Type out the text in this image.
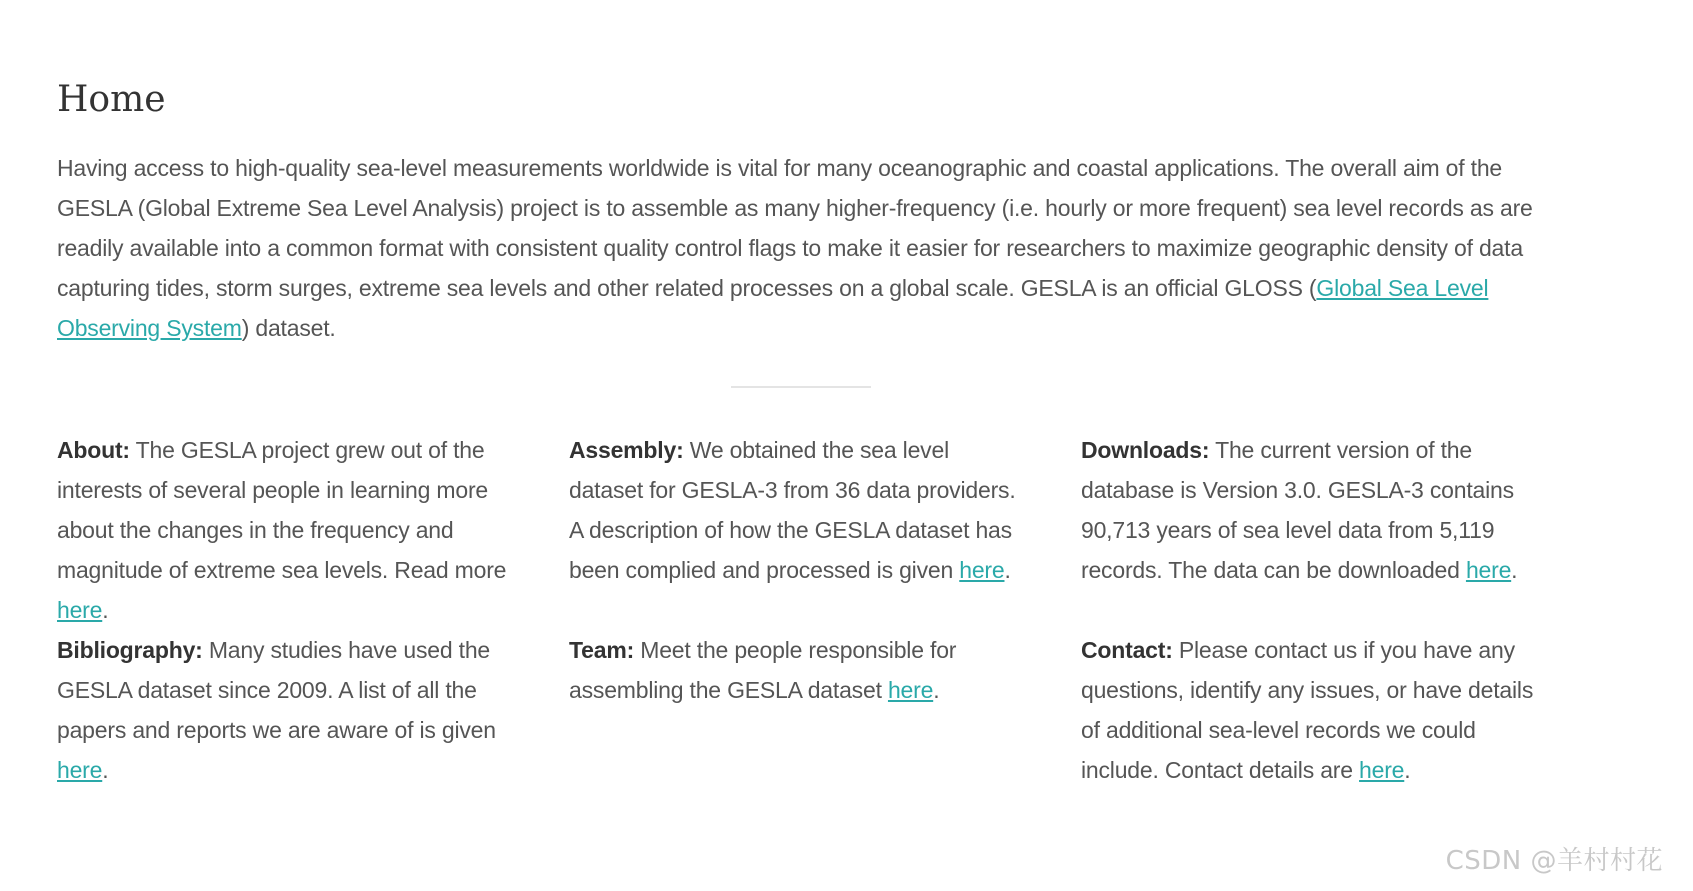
Home

Having access to high-quality sea-level measurements worldwide is vital for many oceanographic and coastal applications. The overall aim of the GESLA (Global Extreme Sea Level Analysis) project is to assemble as many higher-frequency (i.e. hourly or more frequent) sea level records as are readily available into a common format with consistent quality control flags to make it easier for researchers to maximize geographic density of data capturing tides, storm surges, extreme sea levels and other related processes on a global scale. GESLA is an official GLOSS (Global Sea Level Observing System) dataset.

About: The GESLA project grew out of the interests of several people in learning more about the changes in the frequency and magnitude of extreme sea levels. Read more here.

Bibliography: Many studies have used the GESLA dataset since 2009. A list of all the papers and reports we are aware of is given here.

Assembly: We obtained the sea level dataset for GESLA-3 from 36 data providers. A description of how the GESLA dataset has been complied and processed is given here.

Team: Meet the people responsible for assembling the GESLA dataset here.

Downloads: The current version of the database is Version 3.0. GESLA-3 contains 90,713 years of sea level data from 5,119 records. The data can be downloaded here.

Contact: Please contact us if you have any questions, identify any issues, or have details of additional sea-level records we could include. Contact details are here.

CSDN @羊村村花
